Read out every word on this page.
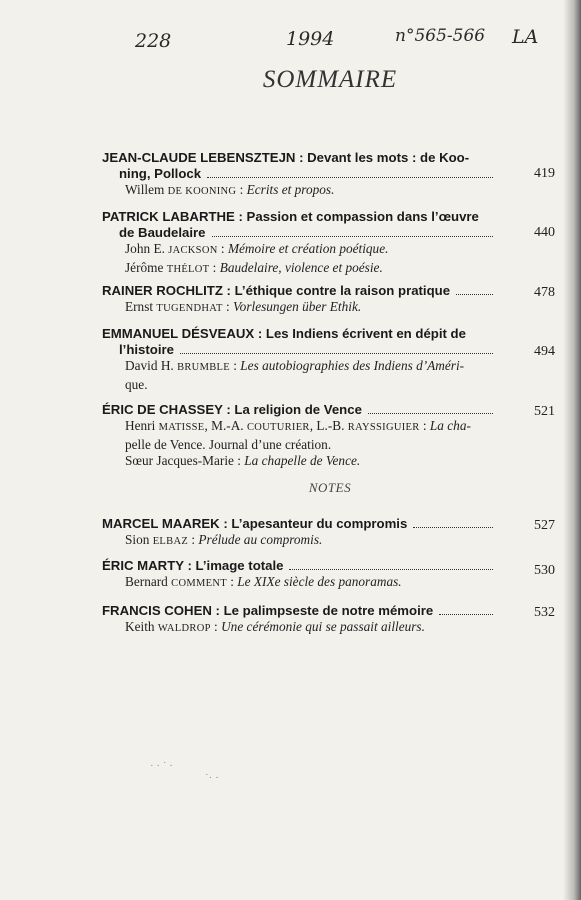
228	1994	n°565-566 LA
SOMMAIRE
JEAN-CLAUDE LEBENSZTEJN : Devant les mots : de Koo-
ning, Pollock	419
Willem DE KOONING : Ecrits et propos.
PATRICK LABARTHE : Passion et compassion dans l’œuvre
de Baudelaire	440
John E. JACKSON : Mémoire et création poétique.
Jérôme THÉLOT : Baudelaire, violence et poésie.
RAINER ROCHLITZ : L’éthique contre la raison pratique	478
Ernst TUGENDHAT : Vorlesungen über Ethik.
EMMANUEL DÉSVEAUX : Les Indiens écrivent en dépit de
l’histoire	494
David H. BRUMBLE : Les autobiographies des Indiens d’Améri-
que.
ÉRIC DE CHASSEY : La religion de Vence	521
Henri MATISSE, M.-A. COUTURIER, L.-B. RAYSSIGUIER : La cha-
pelle de Vence. Journal d’une création.
Sœur Jacques-Marie : La chapelle de Vence.
NOTES
MARCEL MAAREK : L’apesanteur du compromis	527
Sion ELBAZ : Prélude au compromis.
ÉRIC MARTY : L’image totale	530
Bernard COMMENT : Le XIXe siècle des panoramas.
FRANCIS COHEN : Le palimpseste de notre mémoire	532
Keith WALDROP : Une cérémonie qui se passait ailleurs.
· · ˙ ·
˙· ·
